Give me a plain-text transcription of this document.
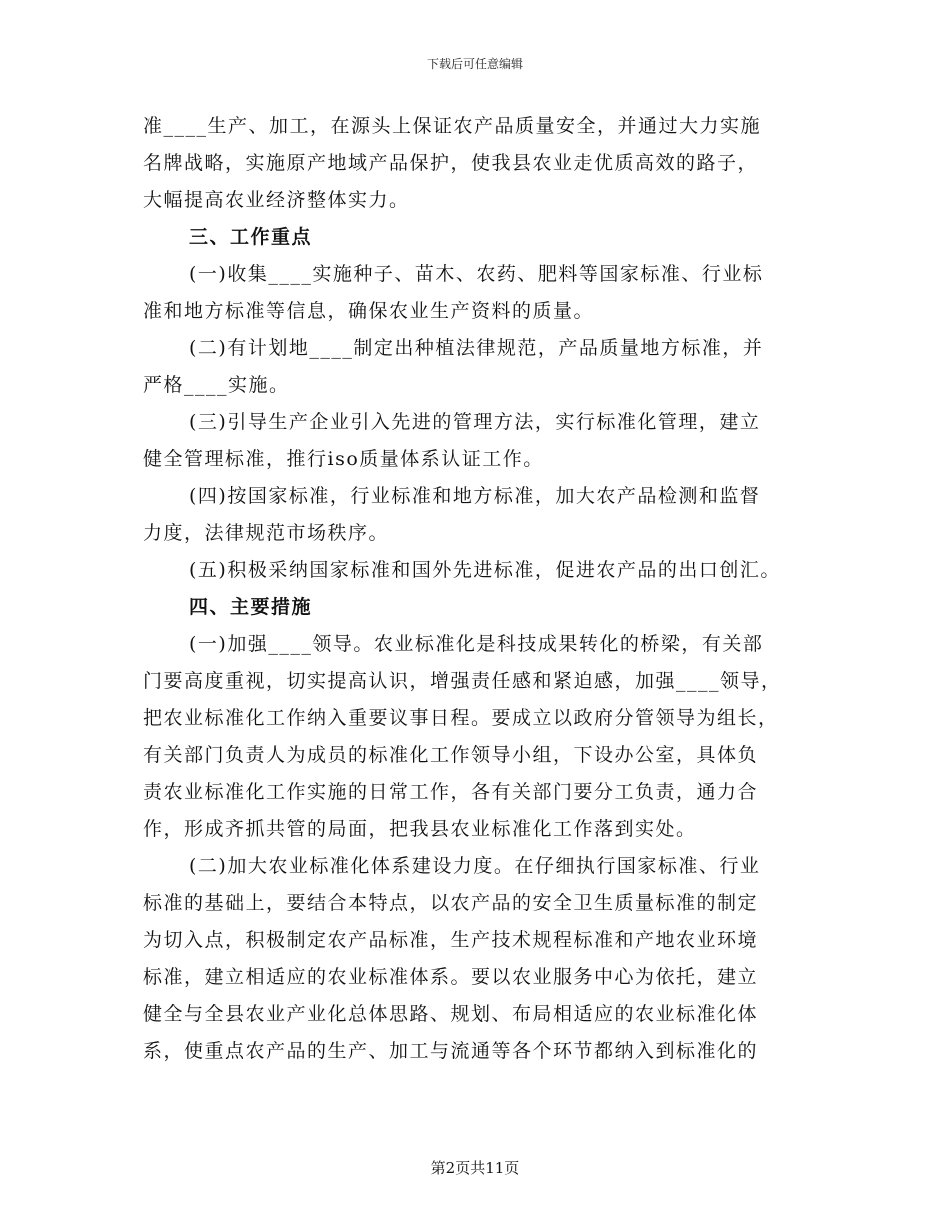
下载后可任意编辑
准____生产、加工，在源头上保证农产品质量安全，并通过大力实施
名牌战略，实施原产地域产品保护，使我县农业走优质高效的路子，
大幅提高农业经济整体实力。
三、工作重点
(一)收集____实施种子、苗木、农药、肥料等国家标准、行业标
准和地方标准等信息，确保农业生产资料的质量。
(二)有计划地____制定出种植法律规范，产品质量地方标准，并
严格____实施。
(三)引导生产企业引入先进的管理方法，实行标准化管理，建立
健全管理标准，推行iso质量体系认证工作。
(四)按国家标准，行业标准和地方标准，加大农产品检测和监督
力度，法律规范市场秩序。
(五)积极采纳国家标准和国外先进标准，促进农产品的出口创汇。
四、主要措施
(一)加强____领导。农业标准化是科技成果转化的桥梁，有关部
门要高度重视，切实提高认识，增强责任感和紧迫感，加强____领导，
把农业标准化工作纳入重要议事日程。要成立以政府分管领导为组长，
有关部门负责人为成员的标准化工作领导小组，下设办公室，具体负
责农业标准化工作实施的日常工作，各有关部门要分工负责，通力合
作，形成齐抓共管的局面，把我县农业标准化工作落到实处。
(二)加大农业标准化体系建设力度。在仔细执行国家标准、行业
标准的基础上，要结合本特点，以农产品的安全卫生质量标准的制定
为切入点，积极制定农产品标准，生产技术规程标准和产地农业环境
标准，建立相适应的农业标准体系。要以农业服务中心为依托，建立
健全与全县农业产业化总体思路、规划、布局相适应的农业标准化体
系，使重点农产品的生产、加工与流通等各个环节都纳入到标准化的
第2页共11页
